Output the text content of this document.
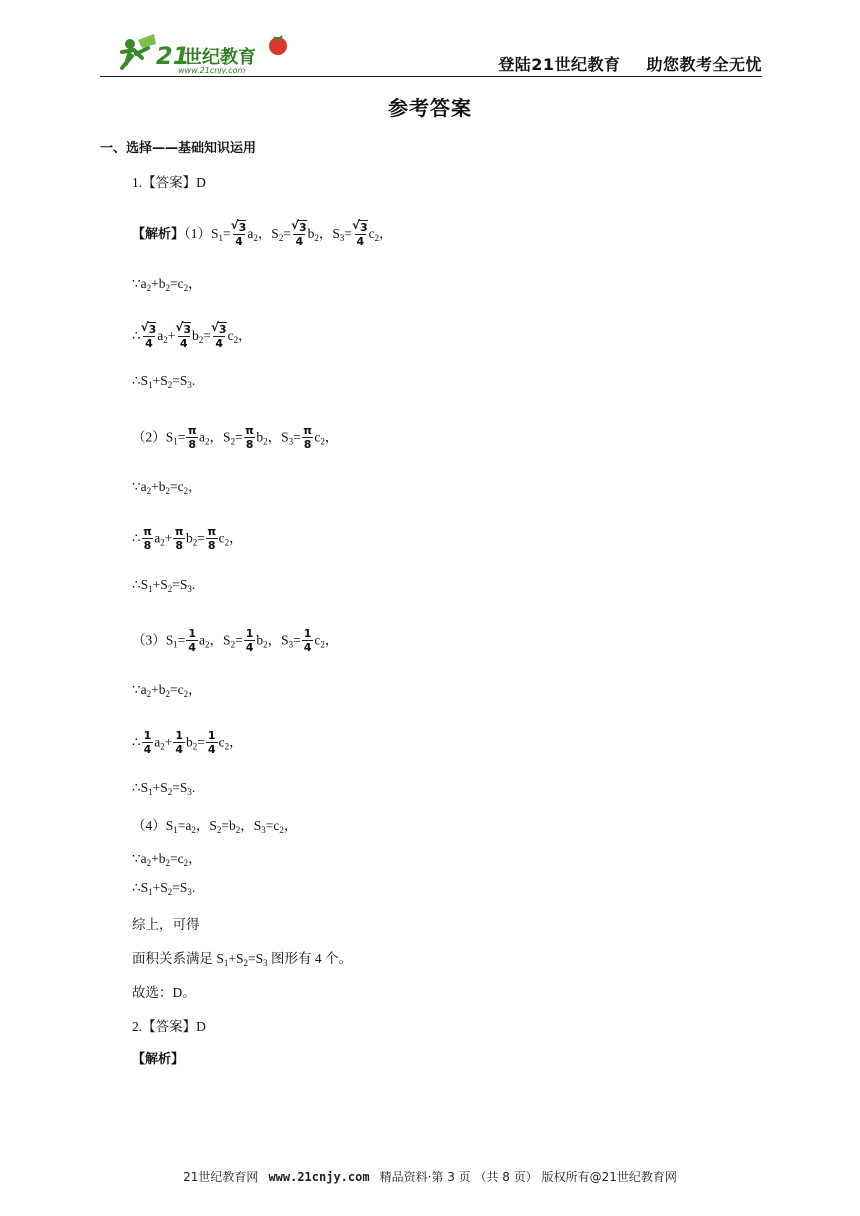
21
世纪教育
www.21cnjy.com	登陆21世纪教育 助您教考全无忧
参考答案
一、选择——基础知识运用
1.【答案】D
【解析】$(1)S_1=$ √ $\frac{3}{4} a_2$，$S_2=$ √ $\frac{3}{4} b_2$，$S_3=$ √ $\frac{3}{4} c_2$，
$\because a_2+b_2=c_2$，
∴ √ $\frac{3}{4} a_2+$ √ $\frac{3}{4} b_2=$ √ $\frac{3}{4} c_2$，
$\therefore S_1+S_2=S_3$.
$(2)S_1= \frac{\pi}{8} a_2$，$S_2= \frac{\pi}{8} b_2$，$S_3= \frac{\pi}{8} c_2$，
$\because a_2+b_2=c_2$，
∴ $\frac{\pi}{8} a_2+ \frac{\pi}{8} b_2= \frac{\pi}{8} c_2$，
$\therefore S_1+S_2=S_3$.
$(3)S_1= \frac{1}{4} a_2$，$S_2= \frac{1}{4} b_2$，$S_3= \frac{1}{4} c_2$，
$\because a_2+b_2=c_2$，
∴ $\frac{1}{4} a_2+ \frac{1}{4} b_2= \frac{1}{4} c_2$，
$\therefore S_1+S_2=S_3$.
$(4)S_1=a_2$，$S_2=b_2$，$S_3=c_2$，
$\because a_2+b_2=c_2$，
$\therefore S_1+S_2=S_3$.
综上，可得
面积关系满足 $S_1+S_2=S_3$ 图形有 4 个。
故选：D。
2.【答案】D
【解析】
21世纪教育网 www.21cnjy.com 精品资料·第 3 页 （共 8 页） 版权所有@21世纪教育网
